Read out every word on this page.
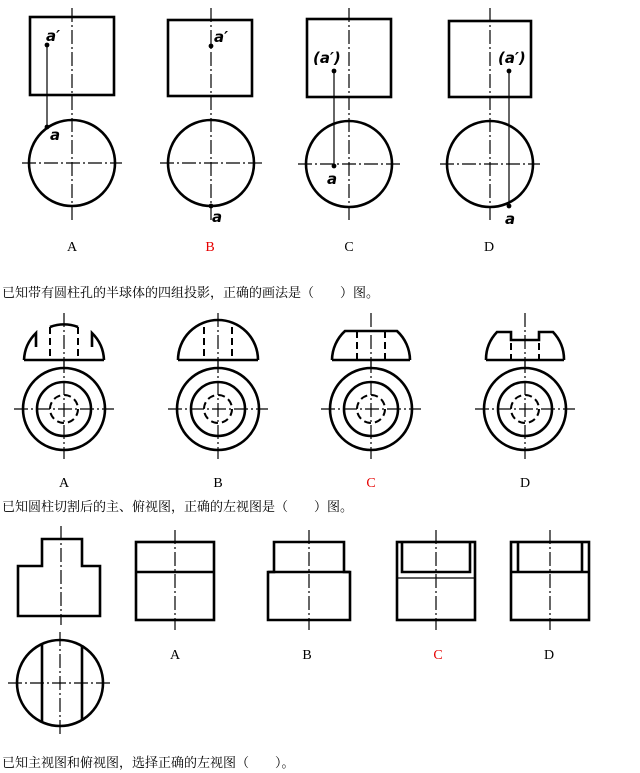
a′
a
a′
a
(a′)
a
(a′)
a
A	B	C	D
已知带有圆柱孔的半球体的四组投影，正确的画法是（　　）图。
A	B	C	D
已知圆柱切割后的主、俯视图，正确的左视图是（　　）图。
A	B	C	D
已知主视图和俯视图，选择正确的左视图（　　）。
